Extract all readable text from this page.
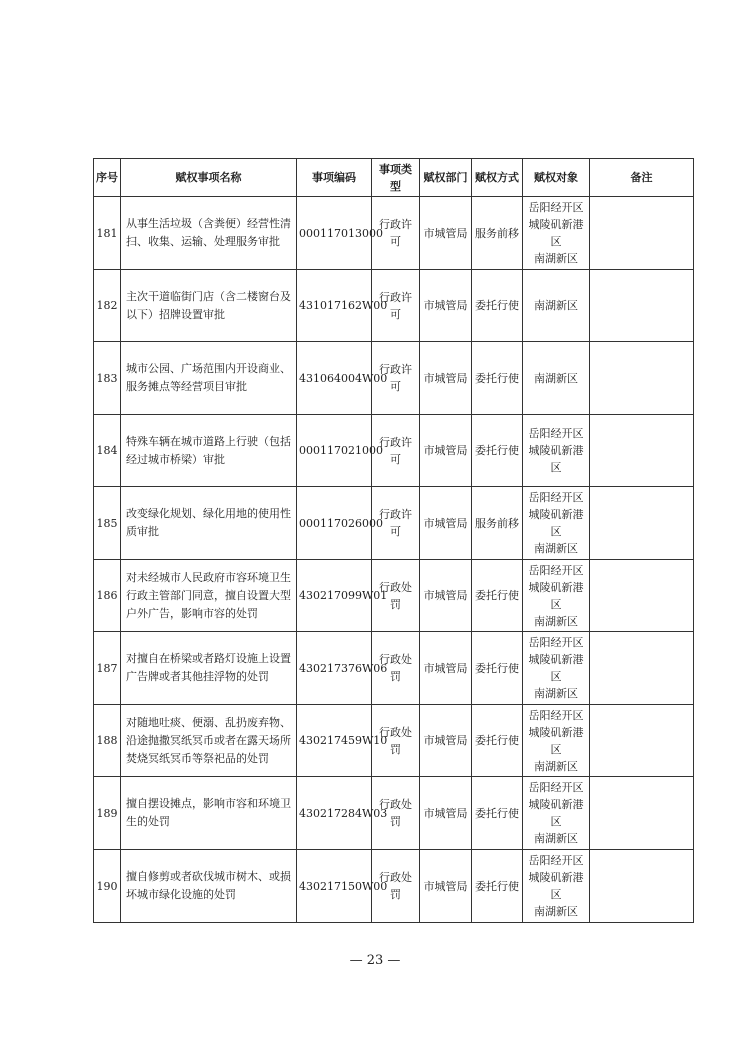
序号	赋权事项名称	事项编码	事项类型	赋权部门	赋权方式	赋权对象	备注
181	从事生活垃圾（含粪便）经营性清扫、收集、运输、处理服务审批	000117013000	行政许可	市城管局	服务前移	岳阳经开区
城陵矶新港区
南湖新区	

182	主次干道临街门店（含二楼窗台及以下）招牌设置审批	431017162W00	行政许可	市城管局	委托行使	南湖新区	

183	城市公园、广场范围内开设商业、服务摊点等经营项目审批	431064004W00	行政许可	市城管局	委托行使	南湖新区	

184	特殊车辆在城市道路上行驶（包括经过城市桥梁）审批	000117021000	行政许可	市城管局	委托行使	岳阳经开区
城陵矶新港区	

185	改变绿化规划、绿化用地的使用性质审批	000117026000	行政许可	市城管局	服务前移	岳阳经开区
城陵矶新港区
南湖新区	

186	对未经城市人民政府市容环境卫生行政主管部门同意，擅自设置大型户外广告，影响市容的处罚	430217099W01	行政处罚	市城管局	委托行使	岳阳经开区
城陵矶新港区
南湖新区	

187	对擅自在桥梁或者路灯设施上设置广告牌或者其他挂浮物的处罚	430217376W06	行政处罚	市城管局	委托行使	岳阳经开区
城陵矶新港区
南湖新区	

188	对随地吐痰、便溺、乱扔废弃物、沿途抛撒冥纸冥币或者在露天场所焚烧冥纸冥币等祭祀品的处罚	430217459W10	行政处罚	市城管局	委托行使	岳阳经开区
城陵矶新港区
南湖新区	

189	擅自摆设摊点，影响市容和环境卫生的处罚	430217284W03	行政处罚	市城管局	委托行使	岳阳经开区
城陵矶新港区
南湖新区	

190	擅自修剪或者砍伐城市树木、或损坏城市绿化设施的处罚	430217150W00	行政处罚	市城管局	委托行使	岳阳经开区
城陵矶新港区
南湖新区	

— 23 —
